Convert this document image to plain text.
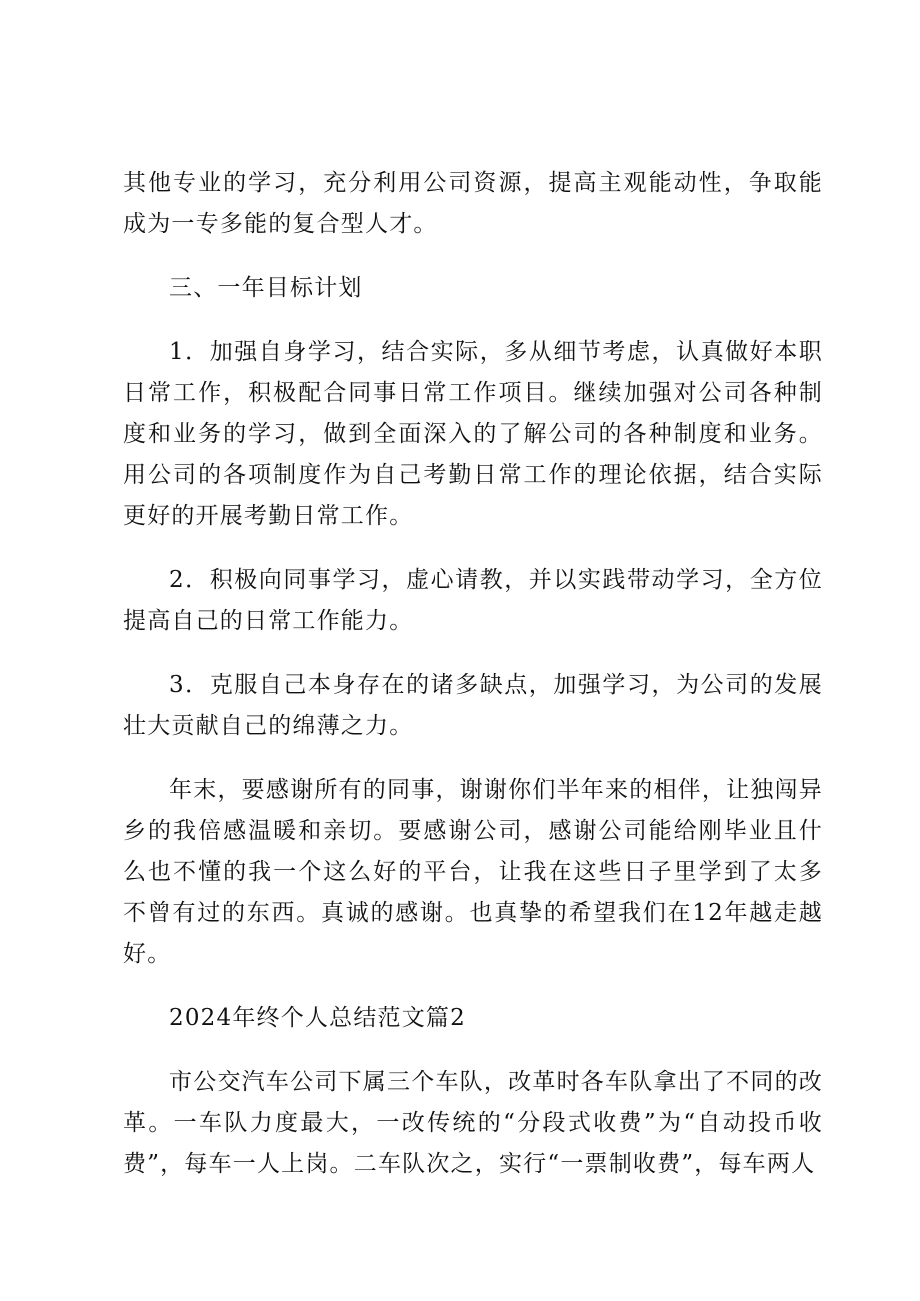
其他专业的学习，充分利用公司资源，提高主观能动性，争取能成为一专多能的复合型人才。

三、一年目标计划

1．加强自身学习，结合实际，多从细节考虑，认真做好本职日常工作，积极配合同事日常工作项目。继续加强对公司各种制度和业务的学习，做到全面深入的了解公司的各种制度和业务。用公司的各项制度作为自己考勤日常工作的理论依据，结合实际更好的开展考勤日常工作。

2．积极向同事学习，虚心请教，并以实践带动学习，全方位提高自己的日常工作能力。

3．克服自己本身存在的诸多缺点，加强学习，为公司的发展壮大贡献自己的绵薄之力。

年末，要感谢所有的同事，谢谢你们半年来的相伴，让独闯异乡的我倍感温暖和亲切。要感谢公司，感谢公司能给刚毕业且什么也不懂的我一个这么好的平台，让我在这些日子里学到了太多不曾有过的东西。真诚的感谢。也真挚的希望我们在12年越走越好。

2024年终个人总结范文篇2

市公交汽车公司下属三个车队，改革时各车队拿出了不同的改革。一车队力度最大，一改传统的“分段式收费”为“自动投币收费”，每车一人上岗。二车队次之，实行“一票制收费”，每车两人
